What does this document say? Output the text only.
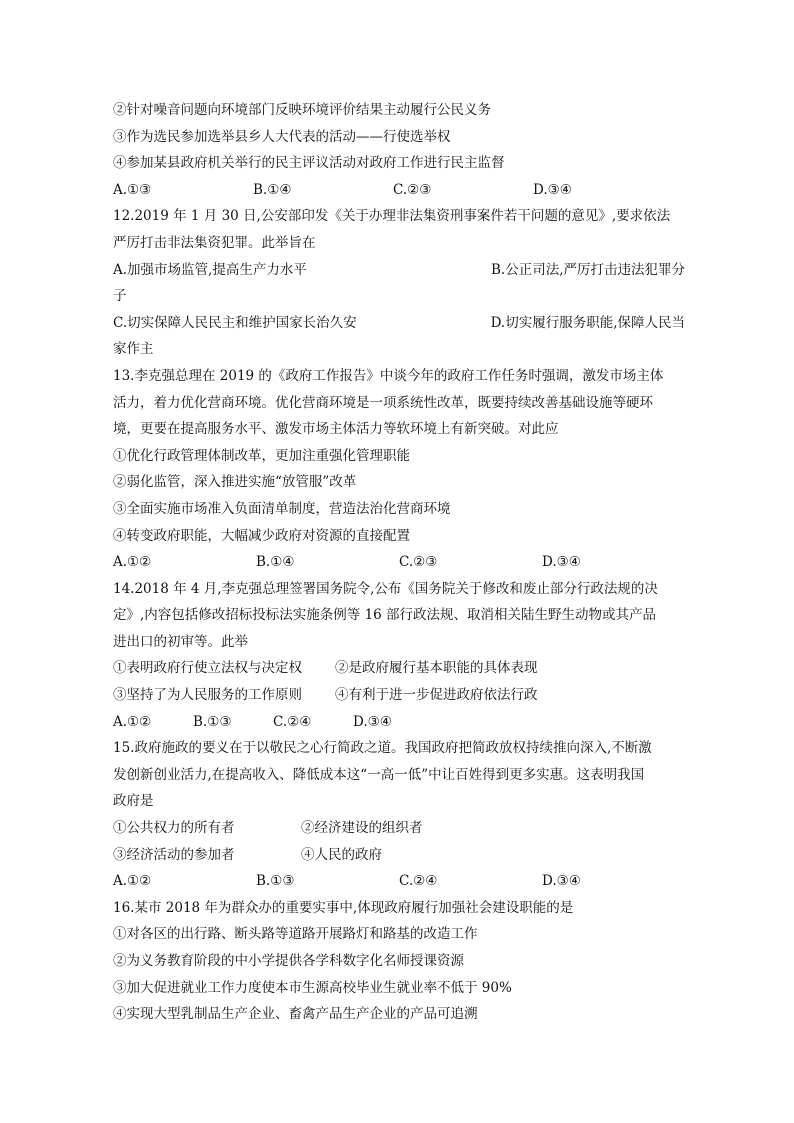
②针对噪音问题向环境部门反映环境评价结果主动履行公民义务
③作为选民参加选举县乡人大代表的活动——行使选举权
④参加某县政府机关举行的民主评议活动对政府工作进行民主监督
A.①③	B.①④	C.②③	D.③④
12.2019 年 1 月 30 日,公安部印发《关于办理非法集资刑事案件若干问题的意见》,要求依法
严厉打击非法集资犯罪。此举旨在
A.加强市场监管,提高生产力水平	B.公正司法,严厉打击违法犯罪分
子
C.切实保障人民民主和维护国家长治久安	D.切实履行服务职能,保障人民当
家作主
13.李克强总理在 2019 的《政府工作报告》中谈今年的政府工作任务时强调，激发市场主体
活力，着力优化营商环境。优化营商环境是一项系统性改革，既要持续改善基础设施等硬环
境，更要在提高服务水平、激发市场主体活力等软环境上有新突破。对此应
①优化行政管理体制改革，更加注重强化管理职能
②弱化监管，深入推进实施“放管服”改革
③全面实施市场准入负面清单制度，营造法治化营商环境
④转变政府职能，大幅减少政府对资源的直接配置
A.①②	B.①④	C.②③	D.③④
14.2018 年 4 月,李克强总理签署国务院令,公布《国务院关于修改和废止部分行政法规的决
定》,内容包括修改招标投标法实施条例等 16 部行政法规、取消相关陆生野生动物或其产品
进出口的初审等。此举
①表明政府行使立法权与决定权	②是政府履行基本职能的具体表现
③坚持了为人民服务的工作原则	④有利于进一步促进政府依法行政
A.①②	B.①③	C.②④	D.③④
15.政府施政的要义在于以敬民之心行简政之道。我国政府把简政放权持续推向深入,不断激
发创新创业活力,在提高收入、降低成本这“一高一低”中让百姓得到更多实惠。这表明我国
政府是
①公共权力的所有者	②经济建设的组织者
③经济活动的参加者	④人民的政府
A.①②	B.①③	C.②④	D.③④
16.某市 2018 年为群众办的重要实事中,体现政府履行加强社会建设职能的是
①对各区的出行路、断头路等道路开展路灯和路基的改造工作
②为义务教育阶段的中小学提供各学科数字化名师授课资源
③加大促进就业工作力度使本市生源高校毕业生就业率不低于 90%
④实现大型乳制品生产企业、畜禽产品生产企业的产品可追溯
